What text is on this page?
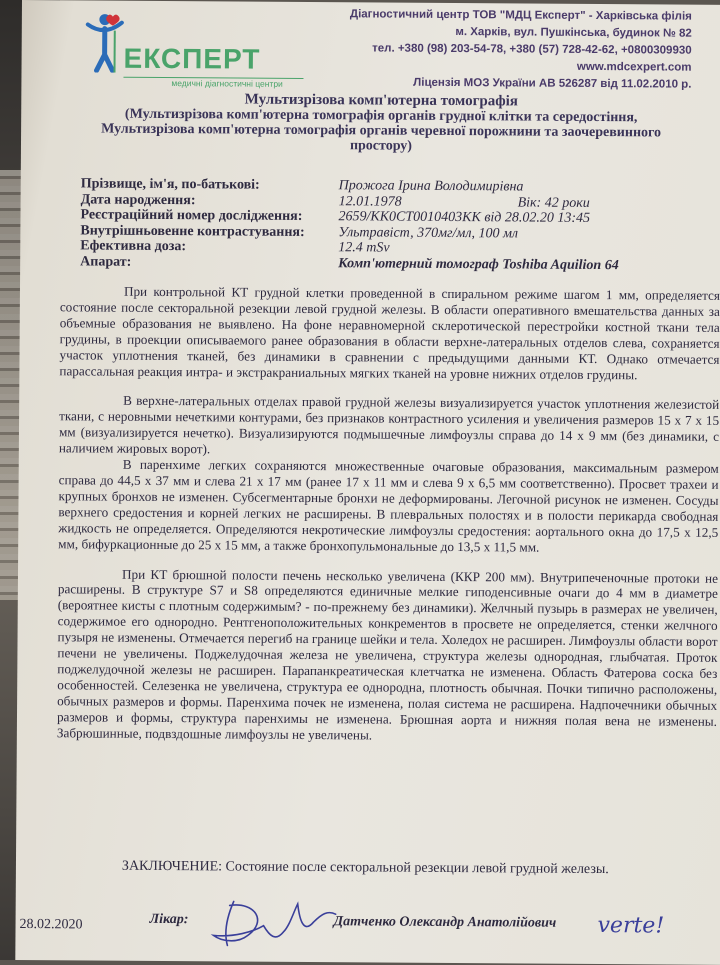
ЕКСПЕРТ
медичні діагностичні центри
Діагностичний центр ТОВ "МДЦ Експерт" - Харківська філія
м. Харків, вул. Пушкінська, будинок № 82
тел. +380 (98) 203-54-78, +380 (57) 728-42-62, +0800309930
www.mdcexpert.com
Ліцензія МОЗ України АВ 526287 від 11.02.2010 р.
Мультизрізова комп'ютерна томографія
(Мультизрізова комп'ютерна томографія органів грудної клітки та середостіння, Мультизрізова комп'ютерна томографія органів черевної порожнини та заочеревинного простору)
Прізвище, ім'я, по-батькові:	Прожога Ірина Володимирівна
Дата народження:	12.01.1978	Вік: 42 роки
Реєстраційний номер дослідження:	2659/KK0CT0010403KK від 28.02.20 13:45
Внутрішньовенне контрастування: Ультравіст, 370мг/мл, 100 мл
Ефективна доза:	12.4 mSv
Апарат:	Комп'ютерний томограф Toshiba Aquilion 64

При контрольной КТ грудной клетки проведенной в спиральном режиме шагом 1 мм, определяется состояние после секторальной резекции левой грудной железы. В области оперативного вмешательства данных за объемные образования не выявлено. На фоне неравномерной склеротической перестройки костной ткани тела грудины, в проекции описываемого ранее образования в области верхне-латеральных отделов слева, сохраняется участок уплотнения тканей, без динамики в сравнении с предыдущими данными КТ. Однако отмечается парассальная реакция интра- и экстракраниальных мягких тканей на уровне нижних отделов грудины.

В верхне-латеральных отделах правой грудной железы визуализируется участок уплотнения железистой ткани, с неровными нечеткими контурами, без признаков контрастного усиления и увеличения размеров 15 х 7 х 15 мм (визуализируется нечетко). Визуализируются подмышечные лимфоузлы справа до 14 х 9 мм (без динамики, с наличием жировых ворот).

В паренхиме легких сохраняются множественные очаговые образования, максимальным размером справа до 44,5 х 37 мм и слева 21 х 17 мм (ранее 17 х 11 мм и слева 9 х 6,5 мм соответственно). Просвет трахеи и крупных бронхов не изменен. Субсегментарные бронхи не деформированы. Легочной рисунок не изменен. Сосуды верхнего средостения и корней легких не расширены. В плевральных полостях и в полости перикарда свободная жидкость не определяется. Определяются некротические лимфоузлы средостения: аортального окна до 17,5 х 12,5 мм, бифуркационные до 25 х 15 мм, а также бронхопульмональные до 13,5 х 11,5 мм.

При КТ брюшной полости печень несколько увеличена (ККР 200 мм). Внутрипеченочные протоки не расширены. В структуре S7 и S8 определяются единичные мелкие гиподенсивные очаги до 4 мм в диаметре (вероятнее кисты с плотным содержимым? - по-прежнему без динамики). Желчный пузырь в размерах не увеличен, содержимое его однородно. Рентгеноположительных конкрементов в просвете не определяется, стенки желчного пузыря не изменены. Отмечается перегиб на границе шейки и тела. Холедох не расширен. Лимфоузлы области ворот печени не увеличены. Поджелудочная железа не увеличена, структура железы однородная, глыбчатая. Проток поджелудочной железы не расширен. Парапанкреатическая клетчатка не изменена. Область Фатерова соска без особенностей. Селезенка не увеличена, структура ее однородна, плотность обычная. Почки типично расположены, обычных размеров и формы. Паренхима почек не изменена, полая система не расширена. Надпочечники обычных размеров и формы, структура паренхимы не изменена. Брюшная аорта и нижняя полая вена не изменены. Забрюшинные, подвздошные лимфоузлы не увеличены.

ЗАКЛЮЧЕНИЕ: Состояние после секторальной резекции левой грудной железы.
28.02.2020	Лікар:	Датченко Олександр Анатолійович verte!
